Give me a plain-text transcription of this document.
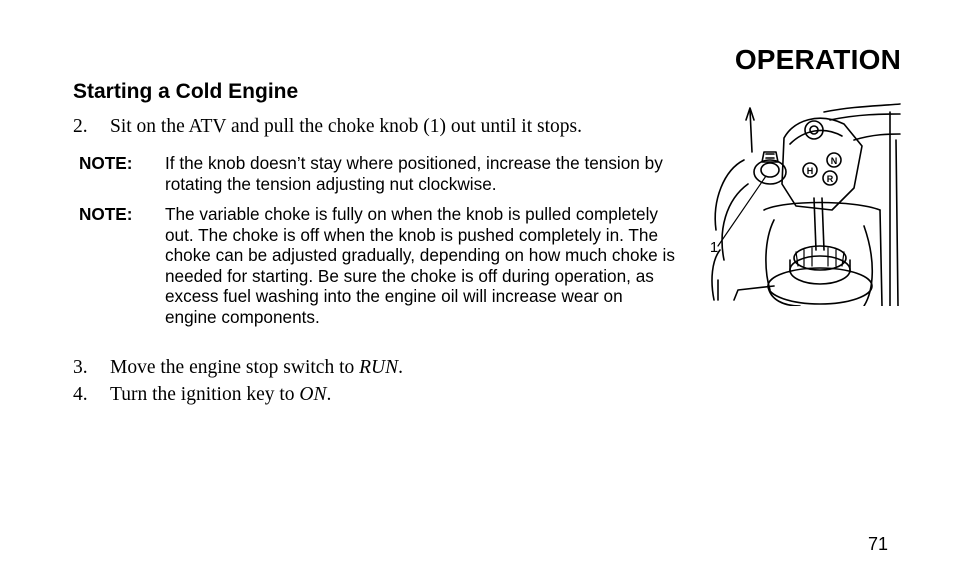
OPERATION
Starting a Cold Engine
2. Sit on the ATV and pull the choke knob (1) out until it stops.
NOTE: If the knob doesn’t stay where positioned, increase the tension by rotating the tension adjusting nut clockwise.
NOTE: The variable choke is fully on when the knob is pulled completely out. The choke is off when the knob is pushed completely in. The choke can be adjusted gradually, depending on how much choke is needed for starting. Be sure the choke is off during operation, as excess fuel washing into the engine oil will increase wear on engine components.
3. Move the engine stop switch to RUN.
4. Turn the ignition key to ON.
N
R
H
1
71
